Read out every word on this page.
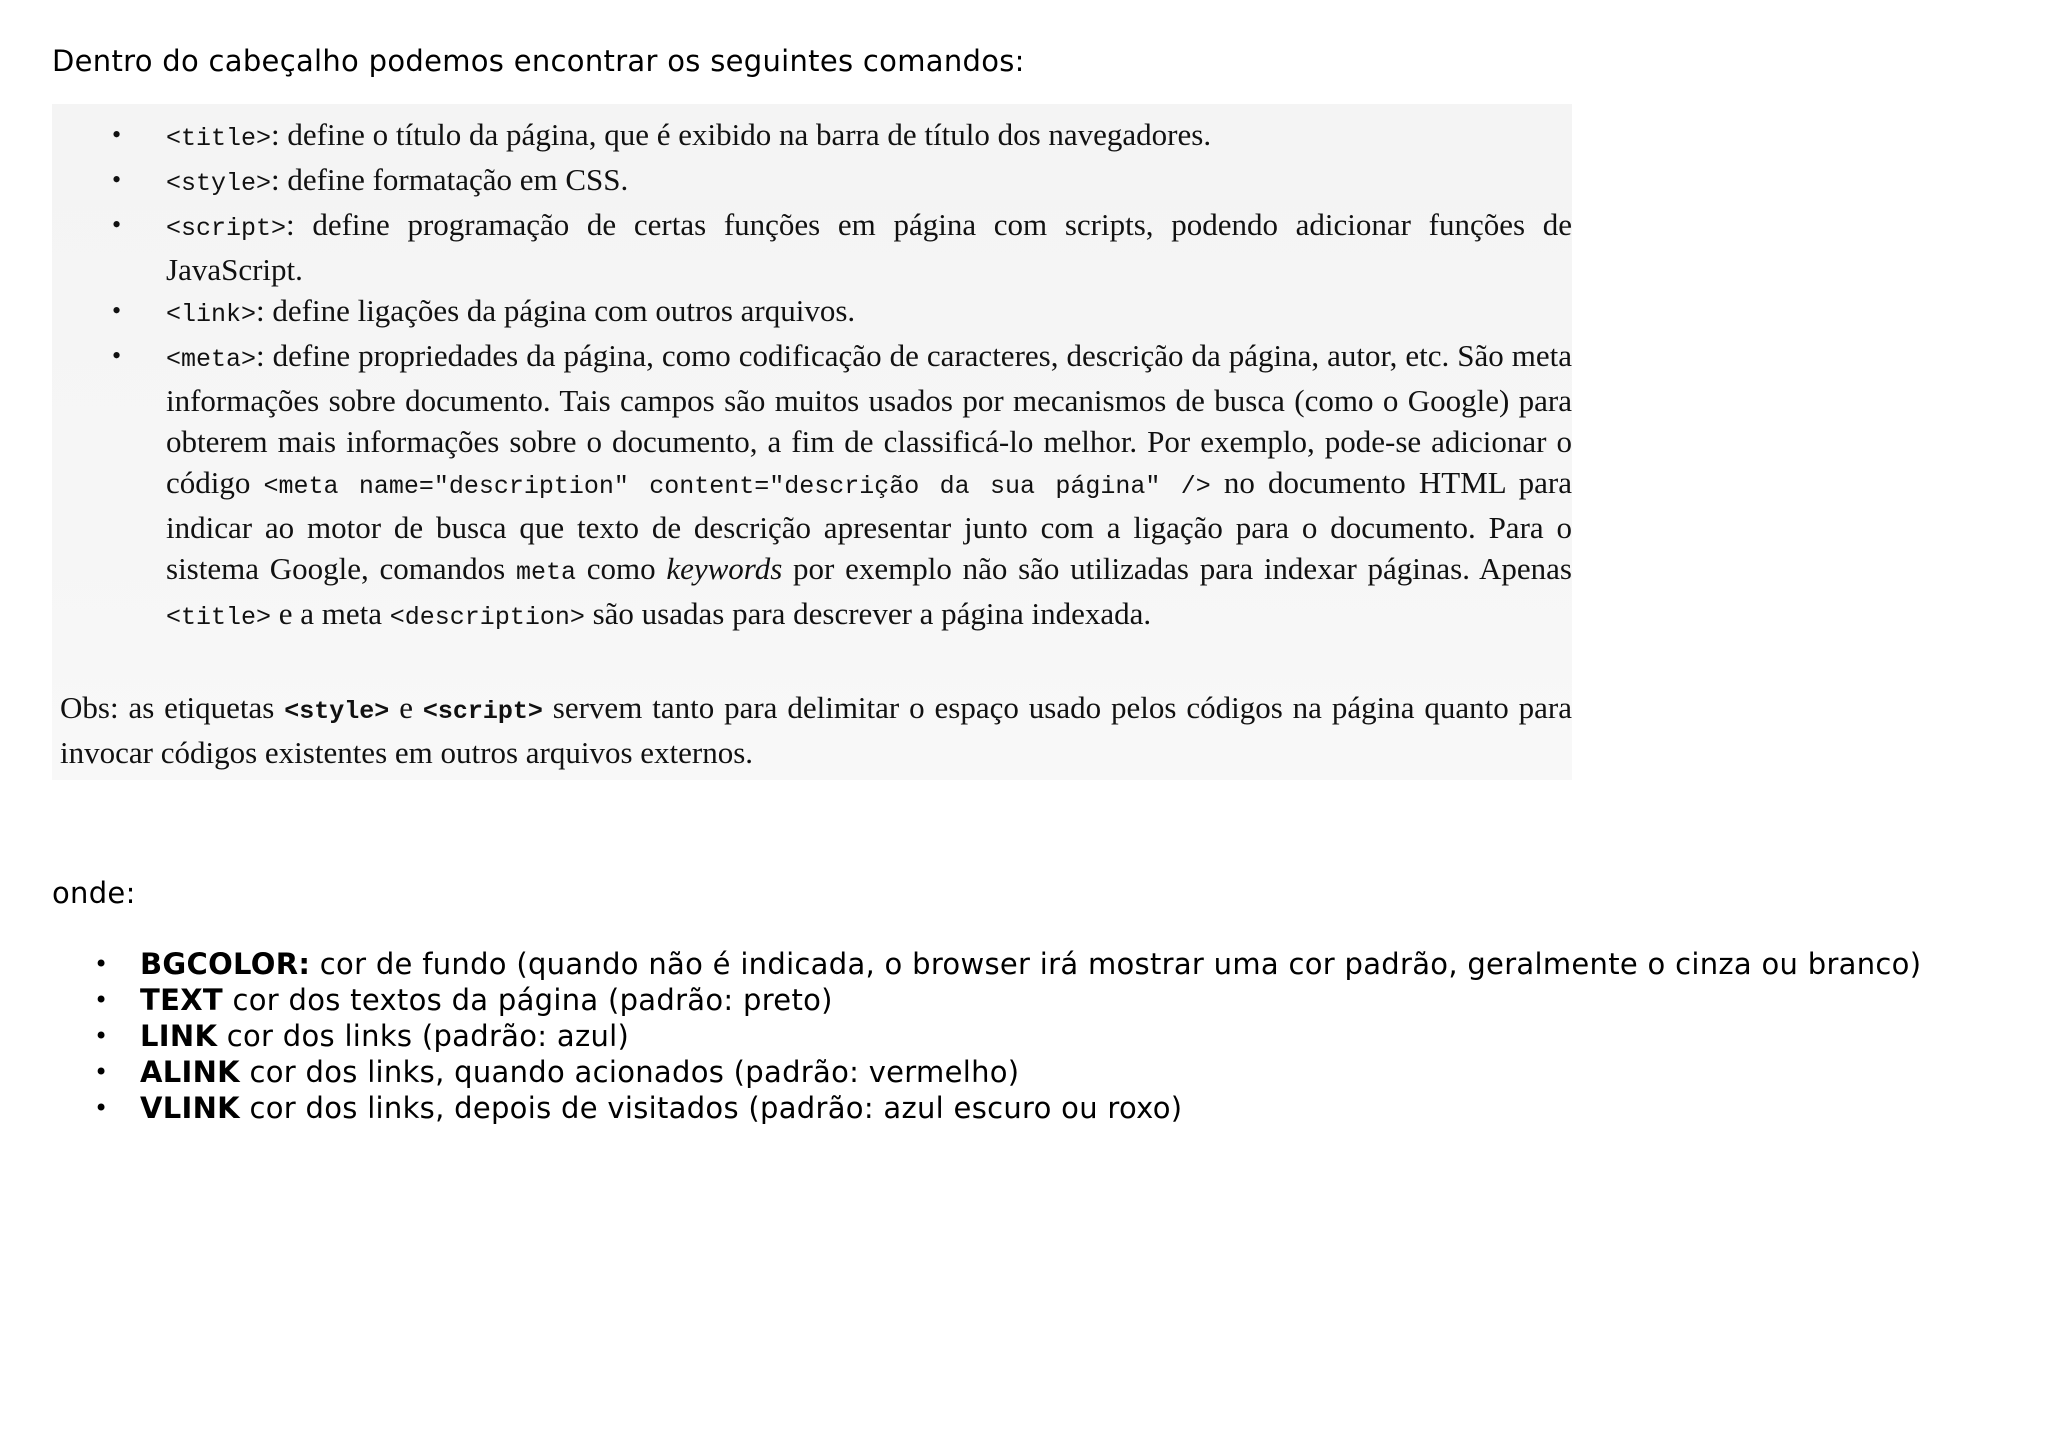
Dentro do cabeçalho podemos encontrar os seguintes comandos:

• <title>: define o título da página, que é exibido na barra de título dos navegadores.
• <style>: define formatação em CSS.
• <script>: define programação de certas funções em página com scripts, podendo adicionar funções de JavaScript.
• <link>: define ligações da página com outros arquivos.
• <meta>: define propriedades da página, como codificação de caracteres, descrição da página, autor, etc. São meta informações sobre documento. Tais campos são muitos usados por mecanismos de busca (como o Google) para obterem mais informações sobre o documento, a fim de classificá-lo melhor. Por exemplo, pode-se adicionar o código <meta name="description" content="descrição da sua página" /> no documento HTML para indicar ao motor de busca que texto de descrição apresentar junto com a ligação para o documento. Para o sistema Google, comandos meta como keywords por exemplo não são utilizadas para indexar páginas. Apenas <title> e a meta <description> são usadas para descrever a página indexada.

Obs: as etiquetas <style> e <script> servem tanto para delimitar o espaço usado pelos códigos na página quanto para invocar códigos existentes em outros arquivos externos.

onde:

• BGCOLOR: cor de fundo (quando não é indicada, o browser irá mostrar uma cor padrão, geralmente o cinza ou branco)
• TEXT cor dos textos da página (padrão: preto)
• LINK cor dos links (padrão: azul)
• ALINK cor dos links, quando acionados (padrão: vermelho)
• VLINK cor dos links, depois de visitados (padrão: azul escuro ou roxo)
